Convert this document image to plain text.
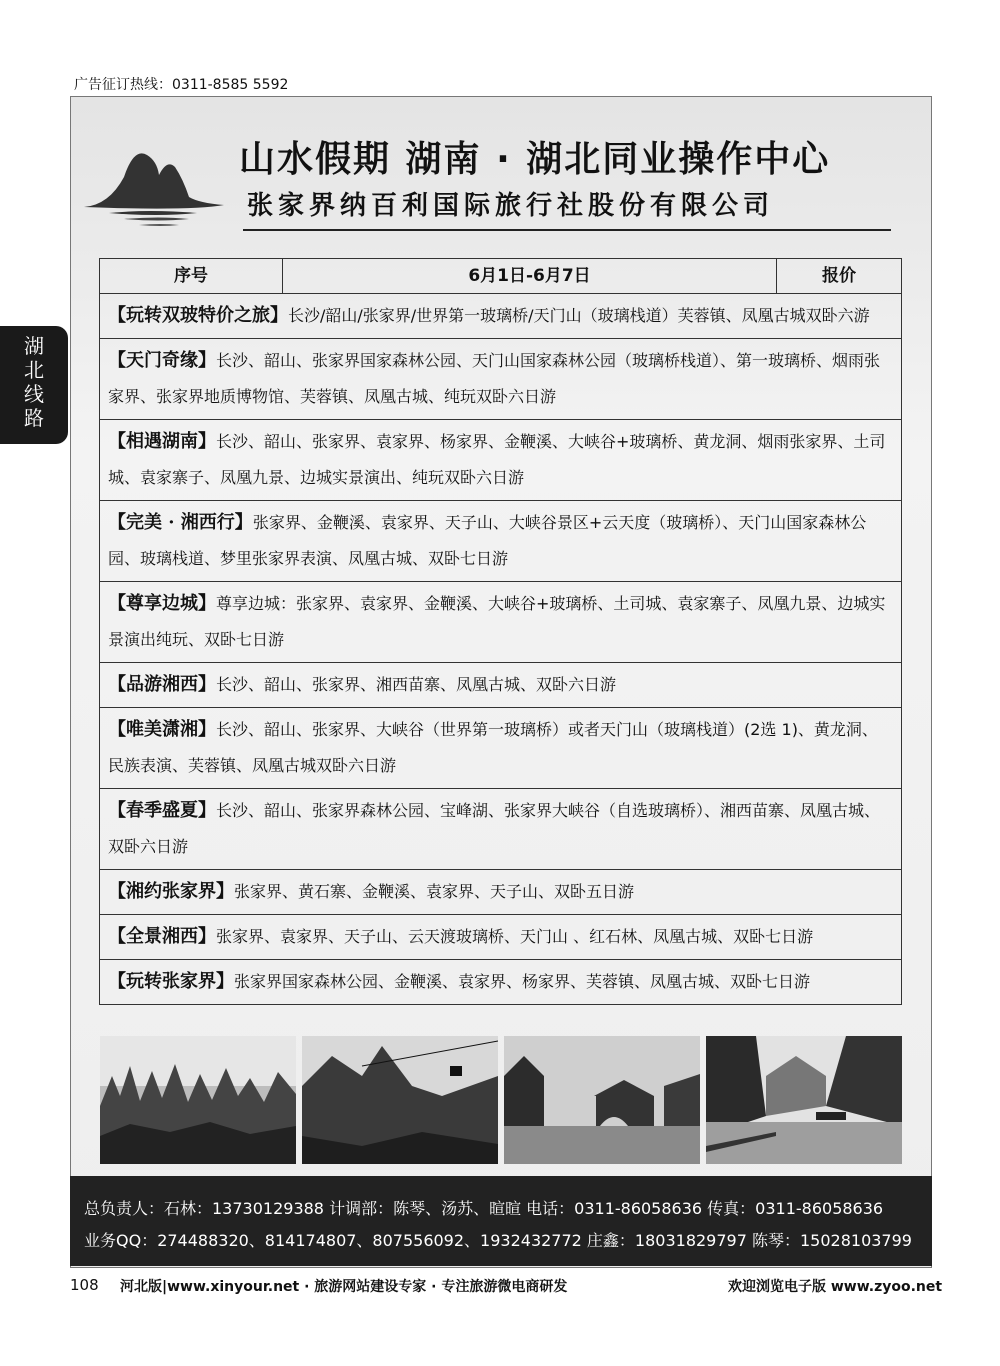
广告征订热线：0311-8585 5592
湖
北
线
路
山水假期 湖南 · 湖北同业操作中心
张家界纳百利国际旅行社股份有限公司
序号	6月1日-6月7日	报价
【玩转双玻特价之旅】长沙/韶山/张家界/世界第一玻璃桥/天门山（玻璃栈道）芙蓉镇、凤凰古城双卧六游
【天门奇缘】长沙、韶山、张家界国家森林公园、天门山国家森林公园（玻璃桥栈道）、第一玻璃桥、烟雨张家界、张家界地质博物馆、芙蓉镇、凤凰古城、纯玩双卧六日游
【相遇湖南】长沙、韶山、张家界、袁家界、杨家界、金鞭溪、大峡谷+玻璃桥、黄龙洞、烟雨张家界、土司城、袁家寨子、凤凰九景、边城实景演出、纯玩双卧六日游
【完美 · 湘西行】张家界、金鞭溪、袁家界、天子山、大峡谷景区+云天度（玻璃桥）、天门山国家森林公园、玻璃栈道、梦里张家界表演、凤凰古城、双卧七日游
【尊享边城】尊享边城：张家界、袁家界、金鞭溪、大峡谷+玻璃桥、土司城、袁家寨子、凤凰九景、边城实景演出纯玩、双卧七日游
【品游湘西】长沙、韶山、张家界、湘西苗寨、凤凰古城、双卧六日游
【唯美潇湘】长沙、韶山、张家界、大峡谷（世界第一玻璃桥）或者天门山（玻璃栈道）(2选 1)、黄龙洞、民族表演、芙蓉镇、凤凰古城双卧六日游
【春季盛夏】长沙、韶山、张家界森林公园、宝峰湖、张家界大峡谷（自选玻璃桥）、湘西苗寨、凤凰古城、双卧六日游
【湘约张家界】张家界、黄石寨、金鞭溪、袁家界、天子山、双卧五日游
【全景湘西】张家界、袁家界、天子山、云天渡玻璃桥、天门山 、红石林、凤凰古城、双卧七日游
【玩转张家界】张家界国家森林公园、金鞭溪、袁家界、杨家界、芙蓉镇、凤凰古城、双卧七日游
总负责人：石林：13730129388 计调部：陈琴、汤苏、暄暄 电话：0311-86058636 传真：0311-86058636
业务QQ：274488320、814174807、807556092、1932432772 庄鑫：18031829797 陈琴：15028103799
108 河北版|www.xinyour.net · 旅游网站建设专家 · 专注旅游微电商研发	欢迎浏览电子版 www.zyoo.net
